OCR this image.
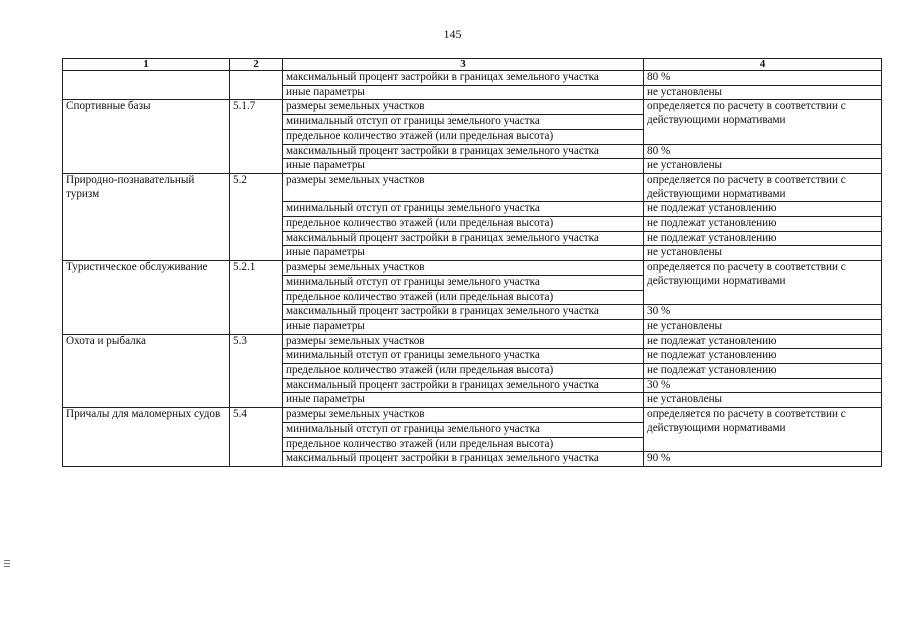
145
1	2	3	4
		максимальный процент застройки в границах земельного участка	80 %
		иные параметры	не установлены
Спортивные базы	5.1.7	размеры земельных участков	определяется по расчету в соответствии с действующими нормативами
		минимальный отступ от границы земельного участка	
		предельное количество этажей (или предельная высота)	
		максимальный процент застройки в границах земельного участка	80 %
		иные параметры	не установлены
Природно-познавательный туризм	5.2	размеры земельных участков	определяется по расчету в соответствии с действующими нормативами
		минимальный отступ от границы земельного участка	не подлежат установлению
		предельное количество этажей (или предельная высота)	не подлежат установлению
		максимальный процент застройки в границах земельного участка	не подлежат установлению
		иные параметры	не установлены
Туристическое обслуживание	5.2.1	размеры земельных участков	определяется по расчету в соответствии с действующими нормативами
		минимальный отступ от границы земельного участка	
		предельное количество этажей (или предельная высота)	
		максимальный процент застройки в границах земельного участка	30 %
		иные параметры	не установлены
Охота и рыбалка	5.3	размеры земельных участков	не подлежат установлению
		минимальный отступ от границы земельного участка	не подлежат установлению
		предельное количество этажей (или предельная высота)	не подлежат установлению
		максимальный процент застройки в границах земельного участка	30 %
		иные параметры	не установлены
Причалы для маломерных судов	5.4	размеры земельных участков	определяется по расчету в соответствии с действующими нормативами
		минимальный отступ от границы земельного участка	
		предельное количество этажей (или предельная высота)	
		максимальный процент застройки в границах земельного участка	90 %
